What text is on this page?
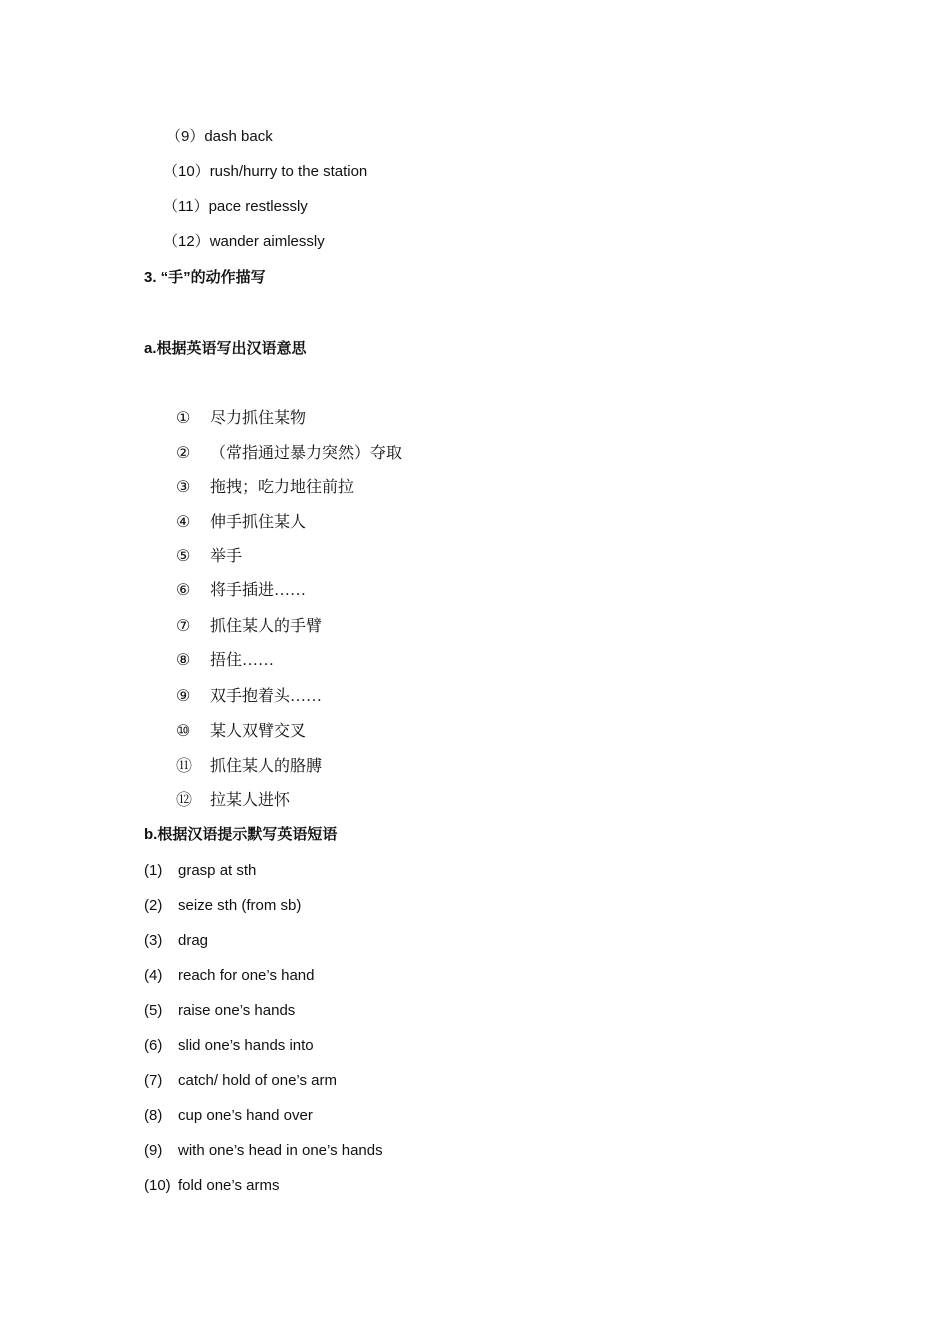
（9）dash back
（10）rush/hurry to the station
（11）pace restlessly
（12）wander aimlessly
3. “手”的动作描写
a.根据英语写出汉语意思
① 尽力抓住某物
② （常指通过暴力突然）夺取
③ 拖拽；吃力地往前拉
④ 伸手抓住某人
⑤ 举手
⑥ 将手插进……
⑦ 抓住某人的手臂
⑧ 捂住……
⑨ 双手抱着头……
⑩ 某人双臂交叉
⑪ 抓住某人的胳膊
⑫ 拉某人进怀
b.根据汉语提示默写英语短语
(1) grasp at sth
(2) seize sth (from sb)
(3) drag
(4) reach for one’s hand
(5) raise one’s hands
(6) slid one’s hands into
(7) catch/ hold of one’s arm
(8) cup one’s hand over
(9) with one’s head in one’s hands
(10) fold one’s arms
